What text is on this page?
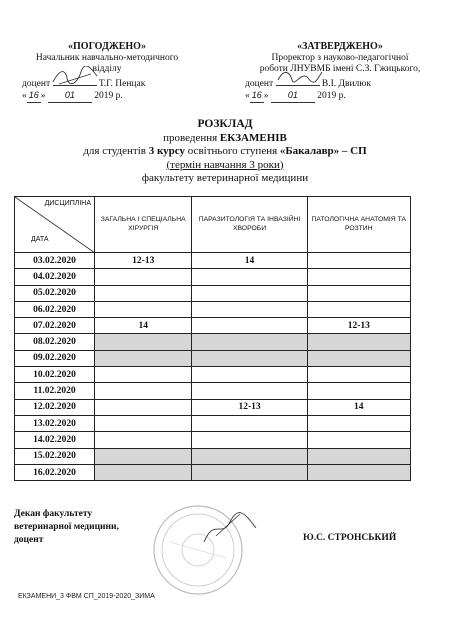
«ПОГОДЖЕНО»
Начальник навчально-методичного
відділу
доцент	Т.Г. Пенцак
« 16 » 01 2019 р.
«ЗАТВЕРДЖЕНО»
Проректор з науково-педагогічної
роботи ЛНУВМБ імені С.З. Гжицького,
доцент	В.І. Двилюк
« 16 » 01 2019 р.
РОЗКЛАД
проведення ЕКЗАМЕНІВ
для студентів 3 курсу освітнього ступеня «Бакалавр» – СП
(термін навчання 3 роки)
факультету ветеринарної медицини
ДИСЦИПЛІНА
ДАТА	ЗАГАЛЬНА І СПЕЦІАЛЬНА ХІРУРГІЯ	ПАРАЗИТОЛОГІЯ ТА ІНВАЗІЙНІ ХВОРОБИ	ПАТОЛОГІЧНА АНАТОМІЯ ТА РОЗТИН
03.02.2020	12-13	14	
04.02.2020			
05.02.2020			
06.02.2020			
07.02.2020	14		12-13
08.02.2020			
09.02.2020			
10.02.2020			
11.02.2020			
12.02.2020		12-13	14
13.02.2020			
14.02.2020			
15.02.2020			
16.02.2020			
Декан факультету
ветеринарної медицини,
доцент	Ю.С. СТРОНСЬКИЙ
ЕКЗАМЕНИ_3 ФВМ СП_2019-2020_ЗИМА
